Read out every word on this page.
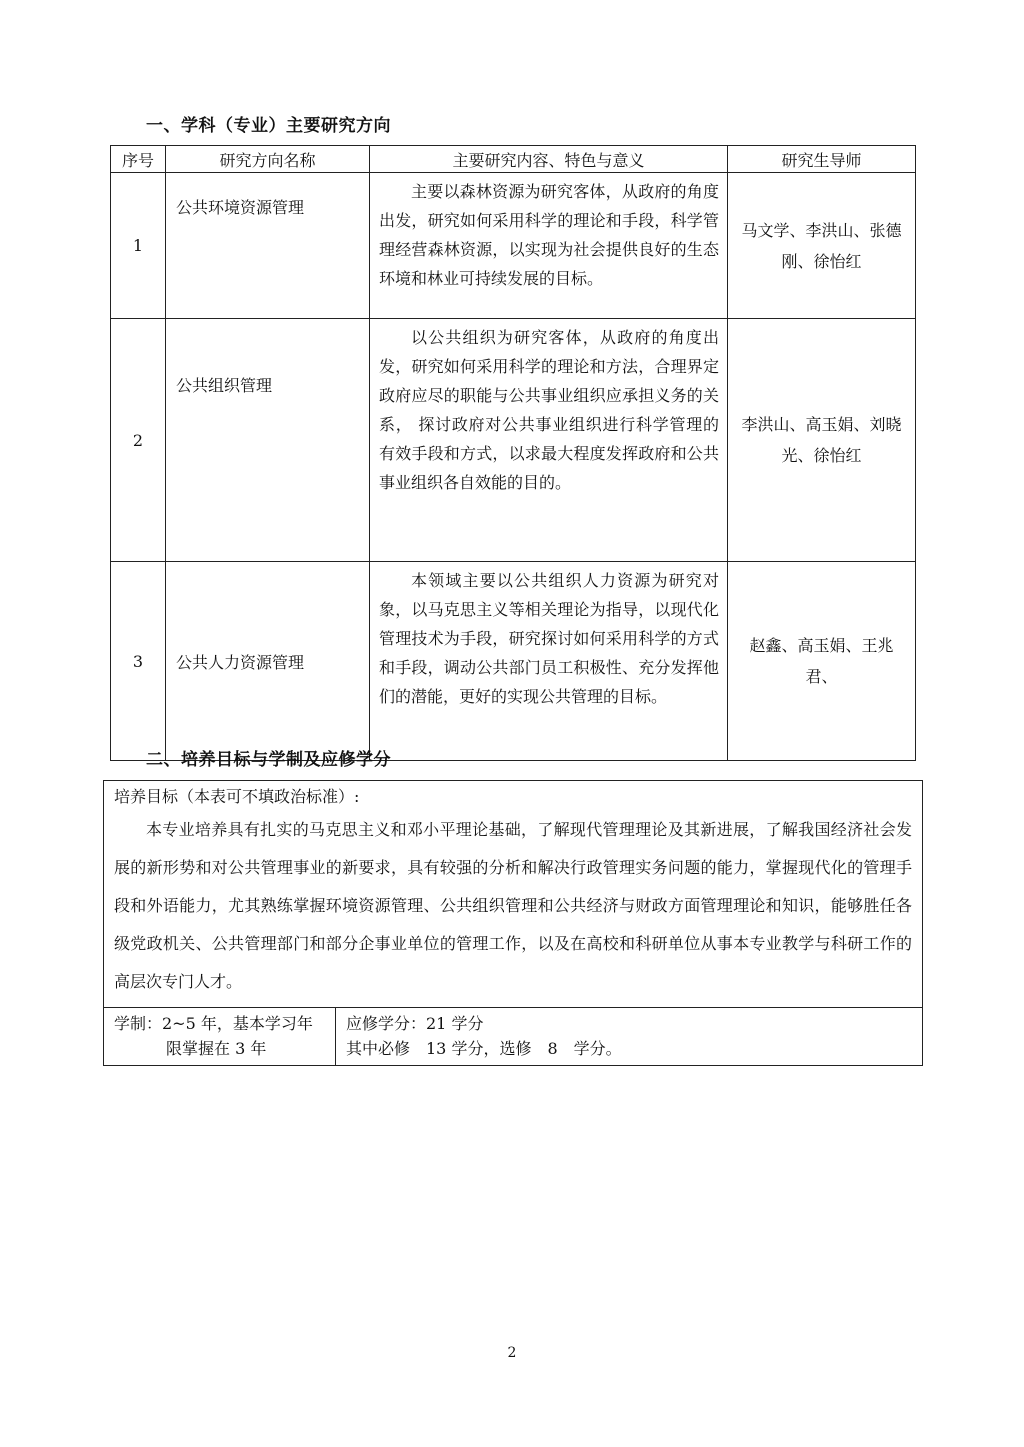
一、学科（专业）主要研究方向
序号	研究方向名称	主要研究内容、特色与意义	研究生导师
1	公共环境资源管理	主要以森林资源为研究客体，从政府的角度出发，研究如何采用科学的理论和手段，科学管理经营森林资源，以实现为社会提供良好的生态环境和林业可持续发展的目标。	马文学、李洪山、张德刚、徐怡红
2	公共组织管理	以公共组织为研究客体，从政府的角度出发，研究如何采用科学的理论和方法，合理界定政府应尽的职能与公共事业组织应承担义务的关系， 探讨政府对公共事业组织进行科学管理的有效手段和方式，以求最大程度发挥政府和公共事业组织各自效能的目的。	李洪山、高玉娟、刘晓光、徐怡红
3	公共人力资源管理	本领域主要以公共组织人力资源为研究对象，以马克思主义等相关理论为指导，以现代化管理技术为手段，研究探讨如何采用科学的方式和手段，调动公共部门员工积极性、充分发挥他们的潜能，更好的实现公共管理的目标。	赵鑫、高玉娟、王兆君、
二、培养目标与学制及应修学分
培养目标（本表可不填政治标准）:
本专业培养具有扎实的马克思主义和邓小平理论基础，了解现代管理理论及其新进展，了解我国经济社会发展的新形势和对公共管理事业的新要求，具有较强的分析和解决行政管理实务问题的能力，掌握现代化的管理手段和外语能力，尤其熟练掌握环境资源管理、公共组织管理和公共经济与财政方面管理理论和知识，能够胜任各级党政机关、公共管理部门和部分企事业单位的管理工作，以及在高校和科研单位从事本专业教学与科研工作的高层次专门人才。

学制：2~5 年，基本学习年
限掌握在 3 年

应修学分：21 学分
其中必修　13 学分，选修　8　学分。
2
